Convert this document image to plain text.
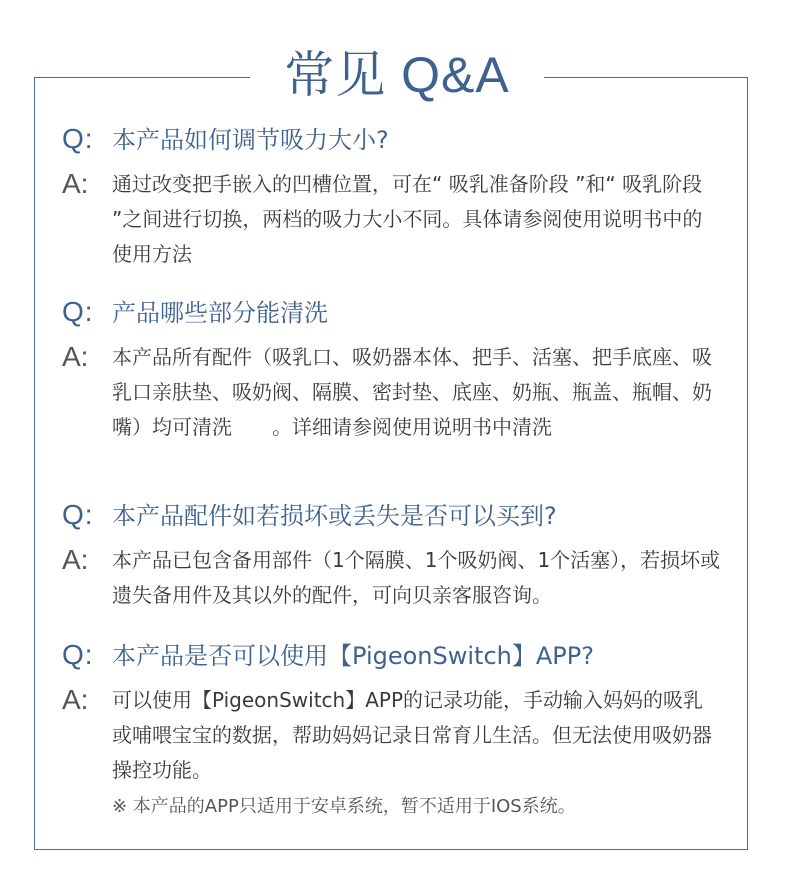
常见 Q&A
Q: 本产品如何调节吸力大小?
A:	通过改变把手嵌入的凹槽位置，可在“ 吸乳准备阶段 ”和“ 吸乳阶段 ”之间进行切换，两档的吸力大小不同。具体请参阅使用说明书中的使用方法
Q: 产品哪些部分能清洗
A:	本产品所有配件（吸乳口、吸奶器本体、把手、活塞、把手底座、吸乳口亲肤垫、吸奶阀、隔膜、密封垫、底座、奶瓶、瓶盖、瓶帽、奶嘴）均可清洗　　。详细请参阅使用说明书中清洗
Q: 本产品配件如若损坏或丢失是否可以买到?
A:	本产品已包含备用部件（1个隔膜、1个吸奶阀、1个活塞），若损坏或遗失备用件及其以外的配件，可向贝亲客服咨询。
Q: 本产品是否可以使用【PigeonSwitch】APP?
A:	可以使用【PigeonSwitch】APP的记录功能，手动输入妈妈的吸乳或哺喂宝宝的数据，帮助妈妈记录日常育儿生活。但无法使用吸奶器操控功能。
※ 本产品的APP只适用于安卓系统，暂不适用于IOS系统。
